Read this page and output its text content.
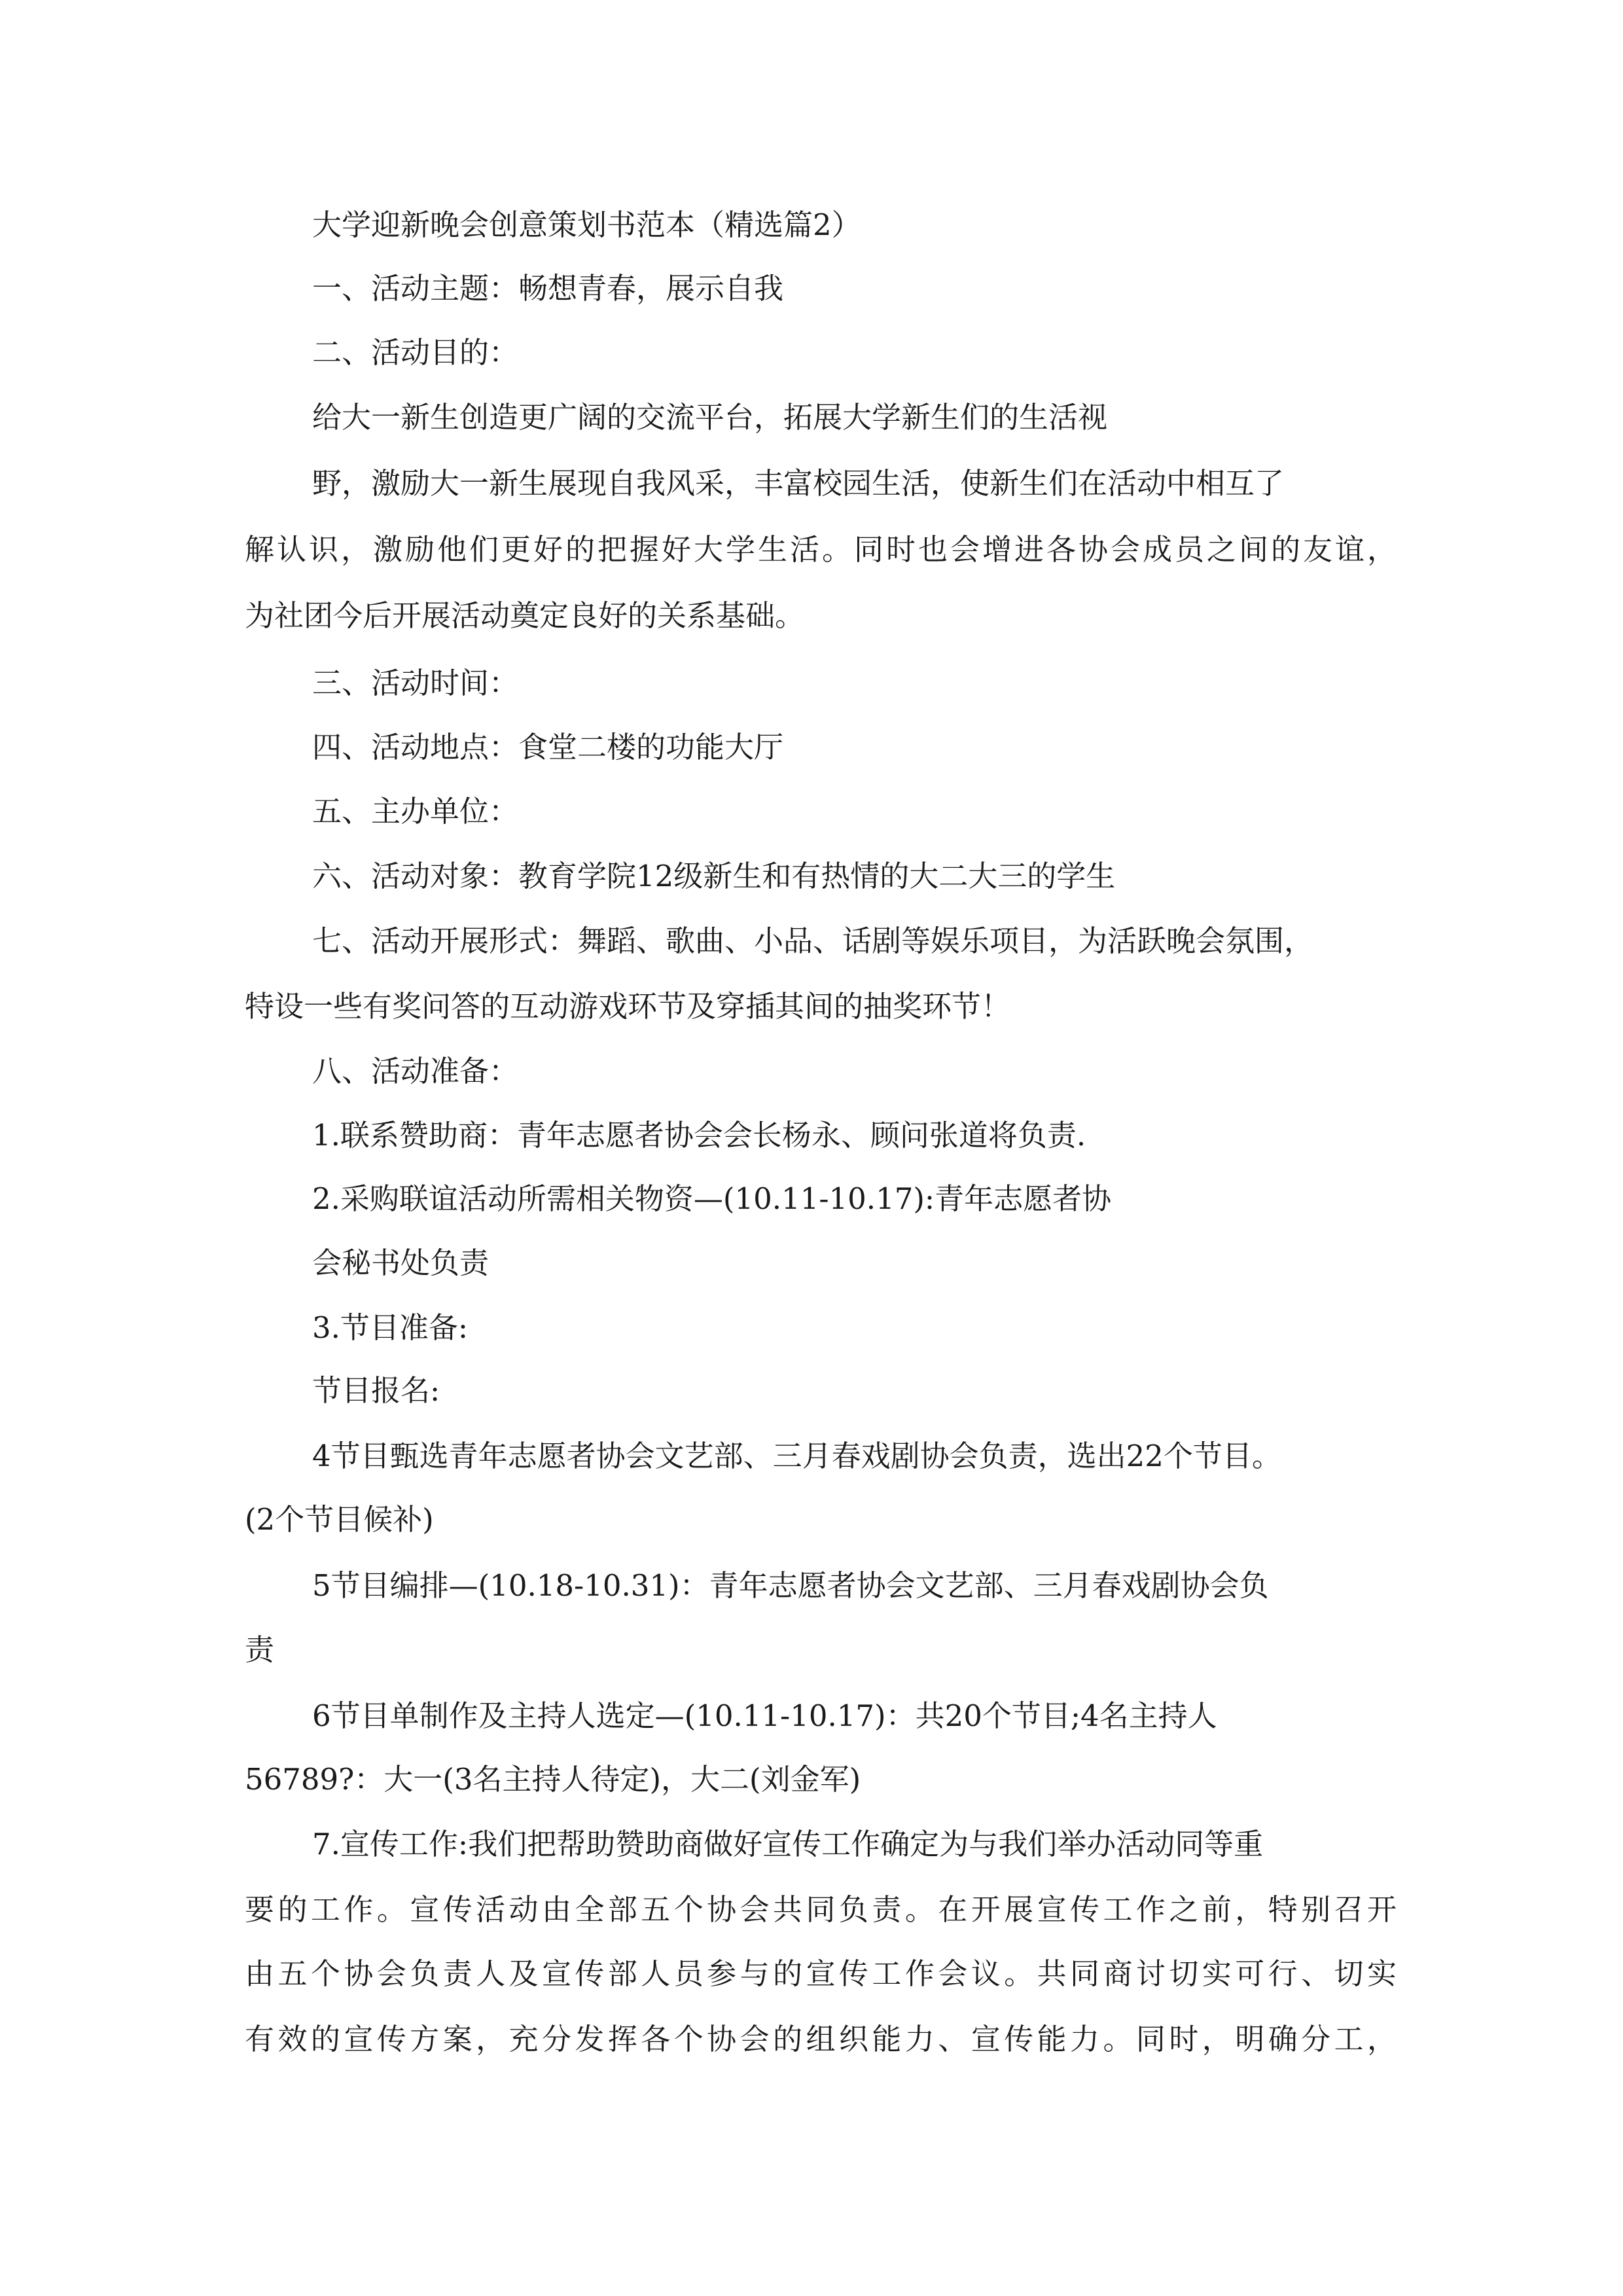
大学迎新晚会创意策划书范本（精选篇2）
一、活动主题：畅想青春，展示自我
二、活动目的：
给大一新生创造更广阔的交流平台，拓展大学新生们的生活视
野，激励大一新生展现自我风采，丰富校园生活，使新生们在活动中相互了
解认识，激励他们更好的把握好大学生活。同时也会增进各协会成员之间的友谊，
为社团今后开展活动奠定良好的关系基础。
三、活动时间：
四、活动地点：食堂二楼的功能大厅
五、主办单位：
六、活动对象：教育学院12级新生和有热情的大二大三的学生
七、活动开展形式：舞蹈、歌曲、小品、话剧等娱乐项目，为活跃晚会氛围，
特设一些有奖问答的互动游戏环节及穿插其间的抽奖环节！
八、活动准备：
1.联系赞助商：青年志愿者协会会长杨永、顾问张道将负责.
2.采购联谊活动所需相关物资—(10.11-10.17):青年志愿者协
会秘书处负责
3.节目准备:
节目报名:
4节目甄选青年志愿者协会文艺部、三月春戏剧协会负责，选出22个节目。
(2个节目候补)
5节目编排—(10.18-10.31)：青年志愿者协会文艺部、三月春戏剧协会负
责
6节目单制作及主持人选定—(10.11-10.17)：共20个节目;4名主持人
56789?：大一(3名主持人待定)，大二(刘金军)
7.宣传工作:我们把帮助赞助商做好宣传工作确定为与我们举办活动同等重
要的工作。宣传活动由全部五个协会共同负责。在开展宣传工作之前，特别召开
由五个协会负责人及宣传部人员参与的宣传工作会议。共同商讨切实可行、切实
有效的宣传方案，充分发挥各个协会的组织能力、宣传能力。同时，明确分工，
